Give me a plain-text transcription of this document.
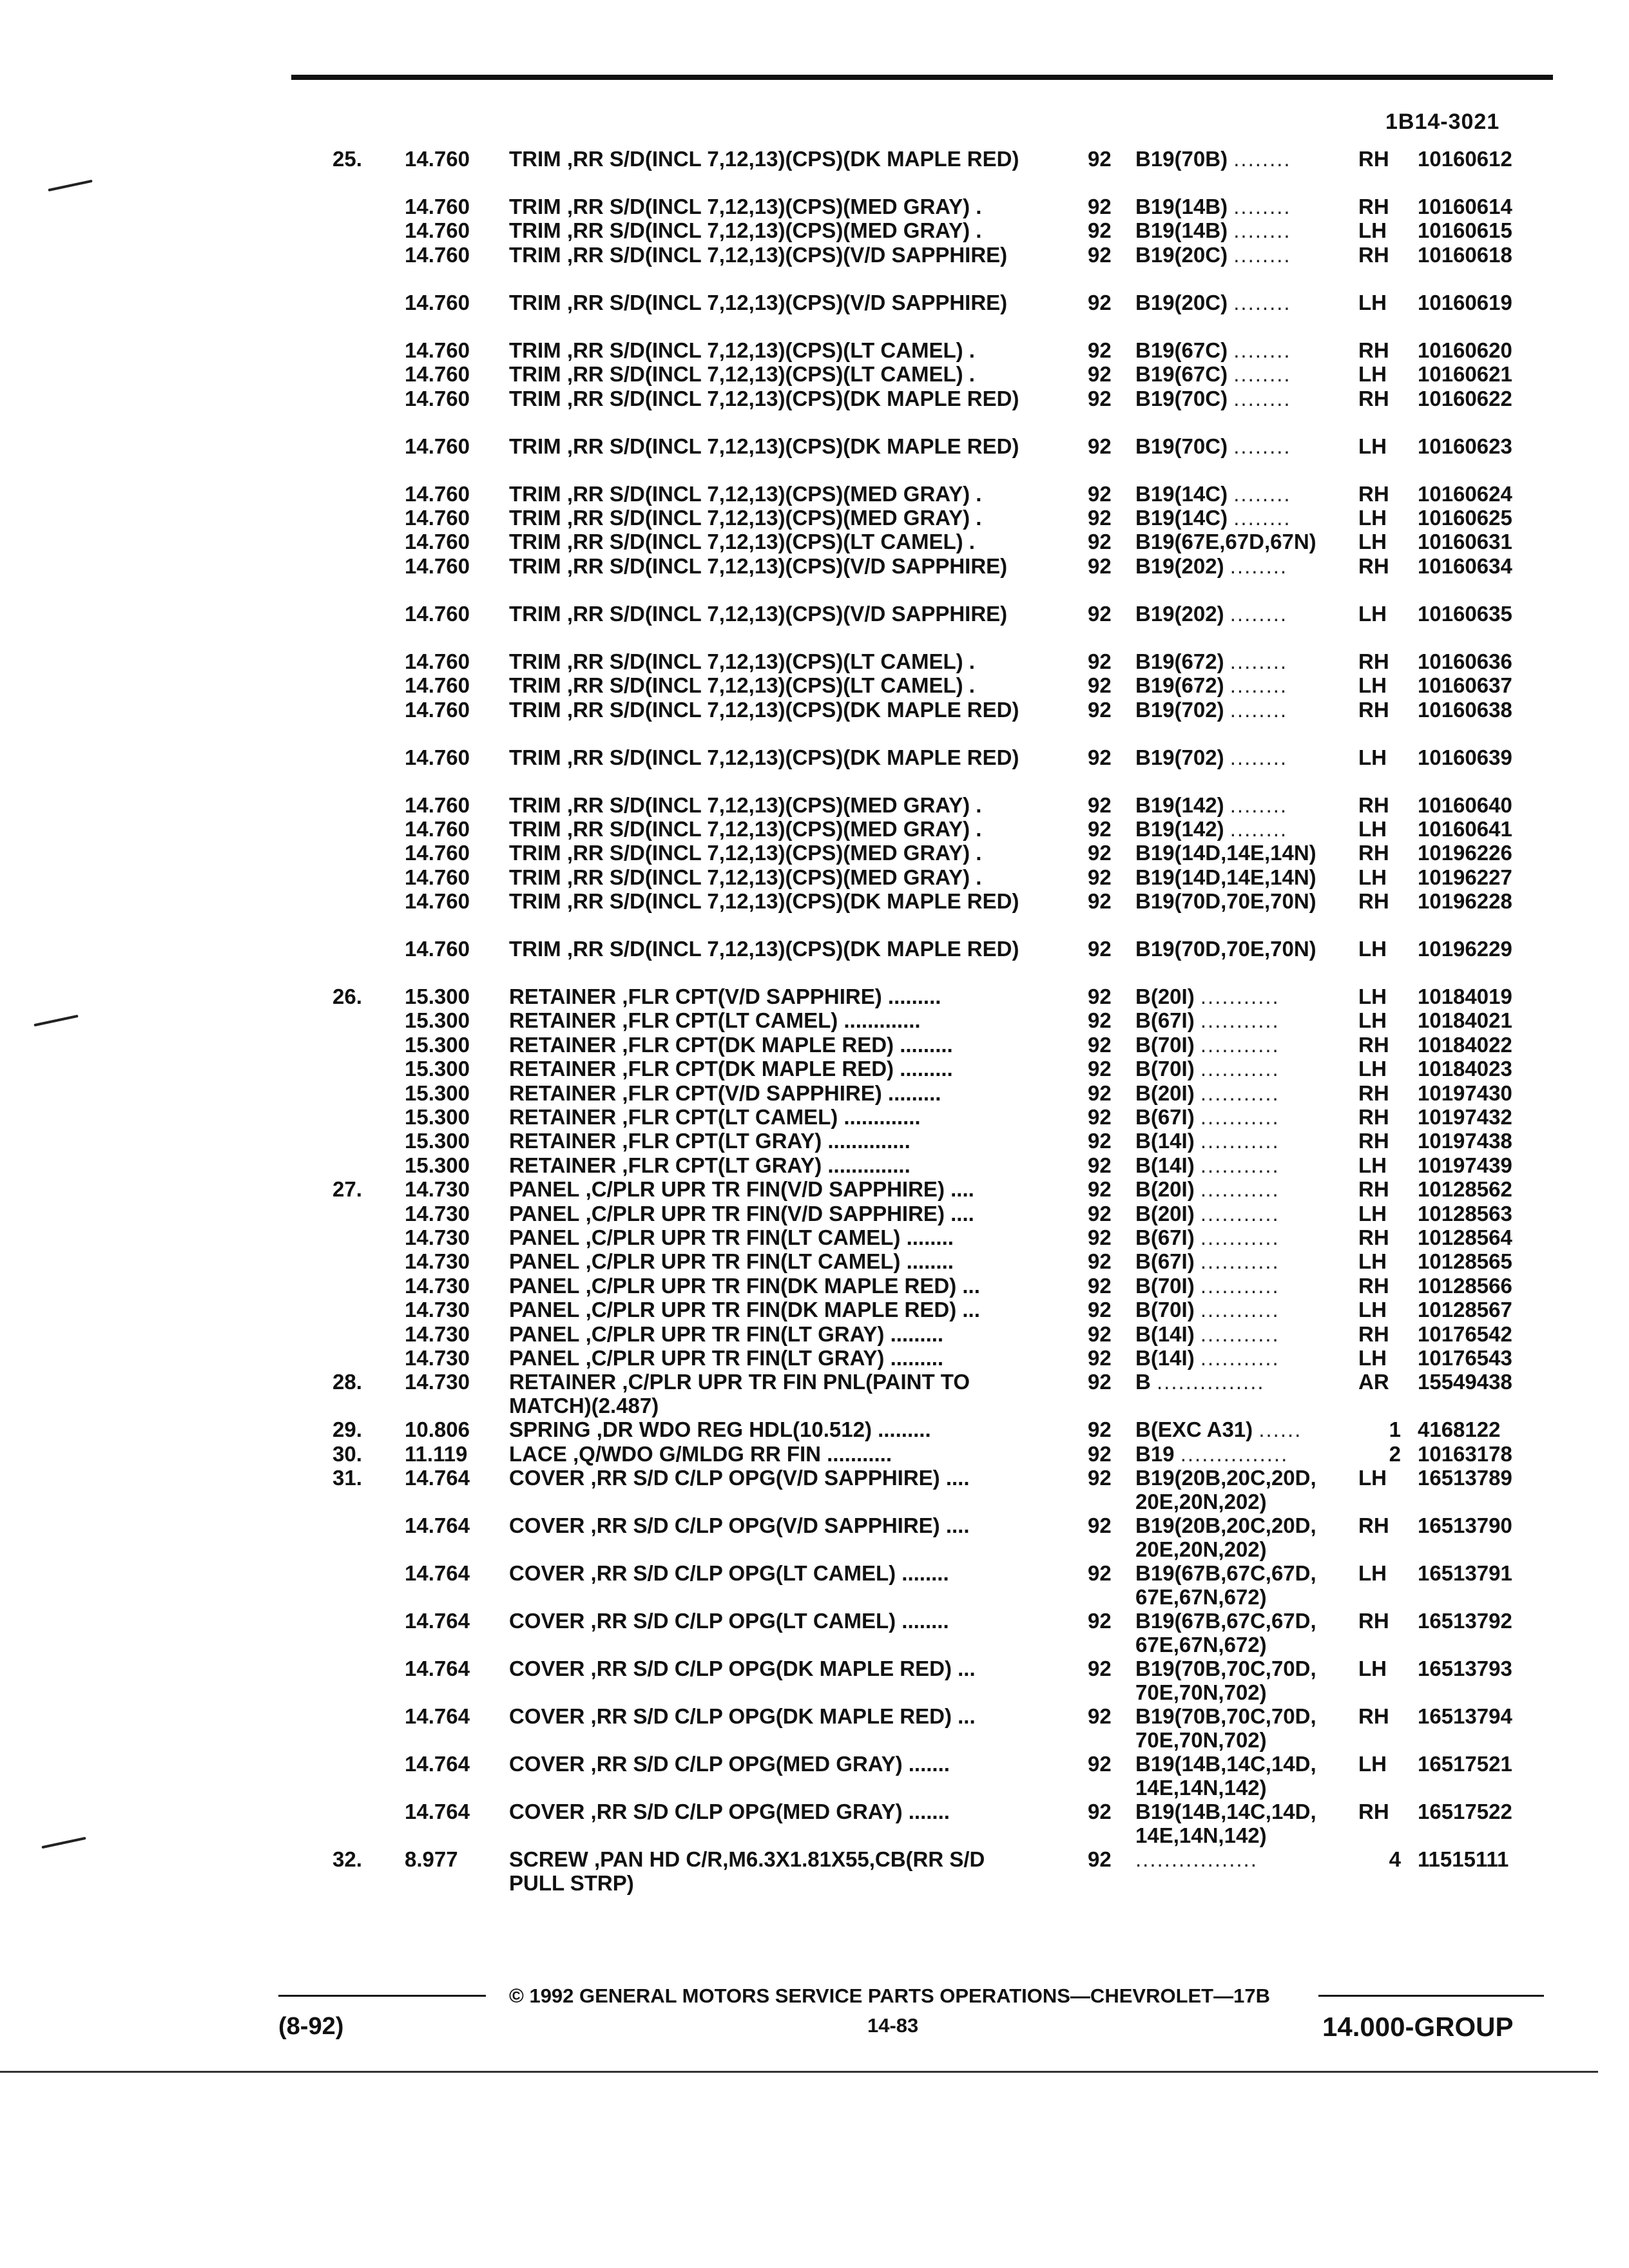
1B14-3021
25. 14.760 TRIM ,RR S/D(INCL 7,12,13)(CPS)(DK MAPLE RED)	92 B19(70B) ........	RH	10160612
14.760 TRIM ,RR S/D(INCL 7,12,13)(CPS)(MED GRAY) .	92 B19(14B) ........	RH	10160614
14.760 TRIM ,RR S/D(INCL 7,12,13)(CPS)(MED GRAY) .	92 B19(14B) ........	LH	10160615
14.760 TRIM ,RR S/D(INCL 7,12,13)(CPS)(V/D SAPPHIRE)	92 B19(20C) ........	RH	10160618
14.760 TRIM ,RR S/D(INCL 7,12,13)(CPS)(V/D SAPPHIRE)	92 B19(20C) ........	LH	10160619
14.760 TRIM ,RR S/D(INCL 7,12,13)(CPS)(LT CAMEL) .	92 B19(67C) ........	RH	10160620
14.760 TRIM ,RR S/D(INCL 7,12,13)(CPS)(LT CAMEL) .	92 B19(67C) ........	LH	10160621
14.760 TRIM ,RR S/D(INCL 7,12,13)(CPS)(DK MAPLE RED)	92 B19(70C) ........	RH	10160622
14.760 TRIM ,RR S/D(INCL 7,12,13)(CPS)(DK MAPLE RED)	92 B19(70C) ........	LH	10160623
14.760 TRIM ,RR S/D(INCL 7,12,13)(CPS)(MED GRAY) .	92 B19(14C) ........	RH	10160624
14.760 TRIM ,RR S/D(INCL 7,12,13)(CPS)(MED GRAY) .	92 B19(14C) ........	LH	10160625
14.760 TRIM ,RR S/D(INCL 7,12,13)(CPS)(LT CAMEL) .	92 B19(67E,67D,67N)	LH	10160631
14.760 TRIM ,RR S/D(INCL 7,12,13)(CPS)(V/D SAPPHIRE)	92 B19(202) ........	RH	10160634
14.760 TRIM ,RR S/D(INCL 7,12,13)(CPS)(V/D SAPPHIRE)	92 B19(202) ........	LH	10160635
14.760 TRIM ,RR S/D(INCL 7,12,13)(CPS)(LT CAMEL) .	92 B19(672) ........	RH	10160636
14.760 TRIM ,RR S/D(INCL 7,12,13)(CPS)(LT CAMEL) .	92 B19(672) ........	LH	10160637
14.760 TRIM ,RR S/D(INCL 7,12,13)(CPS)(DK MAPLE RED)	92 B19(702) ........	RH	10160638
14.760 TRIM ,RR S/D(INCL 7,12,13)(CPS)(DK MAPLE RED)	92 B19(702) ........	LH	10160639
14.760 TRIM ,RR S/D(INCL 7,12,13)(CPS)(MED GRAY) .	92 B19(142) ........	RH	10160640
14.760 TRIM ,RR S/D(INCL 7,12,13)(CPS)(MED GRAY) .	92 B19(142) ........	LH	10160641
14.760 TRIM ,RR S/D(INCL 7,12,13)(CPS)(MED GRAY) .	92 B19(14D,14E,14N)	RH	10196226
14.760 TRIM ,RR S/D(INCL 7,12,13)(CPS)(MED GRAY) .	92 B19(14D,14E,14N)	LH	10196227
14.760 TRIM ,RR S/D(INCL 7,12,13)(CPS)(DK MAPLE RED)	92 B19(70D,70E,70N)	RH	10196228
14.760 TRIM ,RR S/D(INCL 7,12,13)(CPS)(DK MAPLE RED)	92 B19(70D,70E,70N)	LH	10196229
26. 15.300 RETAINER ,FLR CPT(V/D SAPPHIRE) .........	92 B(20I) ...........	LH	10184019
15.300 RETAINER ,FLR CPT(LT CAMEL) .............	92 B(67I) ...........	LH	10184021
15.300 RETAINER ,FLR CPT(DK MAPLE RED) .........	92 B(70I) ...........	RH	10184022
15.300 RETAINER ,FLR CPT(DK MAPLE RED) .........	92 B(70I) ...........	LH	10184023
15.300 RETAINER ,FLR CPT(V/D SAPPHIRE) .........	92 B(20I) ...........	RH	10197430
15.300 RETAINER ,FLR CPT(LT CAMEL) .............	92 B(67I) ...........	RH	10197432
15.300 RETAINER ,FLR CPT(LT GRAY) ..............	92 B(14I) ...........	RH	10197438
15.300 RETAINER ,FLR CPT(LT GRAY) ..............	92 B(14I) ...........	LH	10197439
27. 14.730 PANEL ,C/PLR UPR TR FIN(V/D SAPPHIRE) ....	92 B(20I) ...........	RH	10128562
14.730 PANEL ,C/PLR UPR TR FIN(V/D SAPPHIRE) ....	92 B(20I) ...........	LH	10128563
14.730 PANEL ,C/PLR UPR TR FIN(LT CAMEL) ........	92 B(67I) ...........	RH	10128564
14.730 PANEL ,C/PLR UPR TR FIN(LT CAMEL) ........	92 B(67I) ...........	LH	10128565
14.730 PANEL ,C/PLR UPR TR FIN(DK MAPLE RED) ...	92 B(70I) ...........	RH	10128566
14.730 PANEL ,C/PLR UPR TR FIN(DK MAPLE RED) ...	92 B(70I) ...........	LH	10128567
14.730 PANEL ,C/PLR UPR TR FIN(LT GRAY) .........	92 B(14I) ...........	RH	10176542
14.730 PANEL ,C/PLR UPR TR FIN(LT GRAY) .........	92 B(14I) ...........	LH	10176543
28. 14.730 RETAINER ,C/PLR UPR TR FIN PNL(PAINT TO MATCH)(2.487)
92 B ...............	AR	15549438
29. 10.806 SPRING ,DR WDO REG HDL(10.512) .........	92 B(EXC A31) ......	1 4168122
30. 11.119 LACE ,Q/WDO G/MLDG RR FIN ...........	92 B19 ...............	2 10163178
31. 14.764 COVER ,RR S/D C/LP OPG(V/D SAPPHIRE) ....	92 B19(20B,20C,20D, 20E,20N,202)
LH	16513789
14.764 COVER ,RR S/D C/LP OPG(V/D SAPPHIRE) ....	92 B19(20B,20C,20D, 20E,20N,202)
RH	16513790
14.764 COVER ,RR S/D C/LP OPG(LT CAMEL) ........	92 B19(67B,67C,67D, 67E,67N,672)
LH	16513791
14.764 COVER ,RR S/D C/LP OPG(LT CAMEL) ........	92 B19(67B,67C,67D, 67E,67N,672)
RH	16513792
14.764 COVER ,RR S/D C/LP OPG(DK MAPLE RED) ...	92 B19(70B,70C,70D, 70E,70N,702)
LH	16513793
14.764 COVER ,RR S/D C/LP OPG(DK MAPLE RED) ...	92 B19(70B,70C,70D, 70E,70N,702)
RH	16513794
14.764 COVER ,RR S/D C/LP OPG(MED GRAY) .......	92 B19(14B,14C,14D, 14E,14N,142)
LH	16517521
14.764 COVER ,RR S/D C/LP OPG(MED GRAY) .......	92 B19(14B,14C,14D, 14E,14N,142)
RH	16517522
32. 8.977 SCREW ,PAN HD C/R,M6.3X1.81X55,CB(RR S/D PULL STRP)
92 .................	4 11515111
© 1992 GENERAL MOTORS SERVICE PARTS OPERATIONS—CHEVROLET—17B
(8-92)	14-83	14.000-GROUP
